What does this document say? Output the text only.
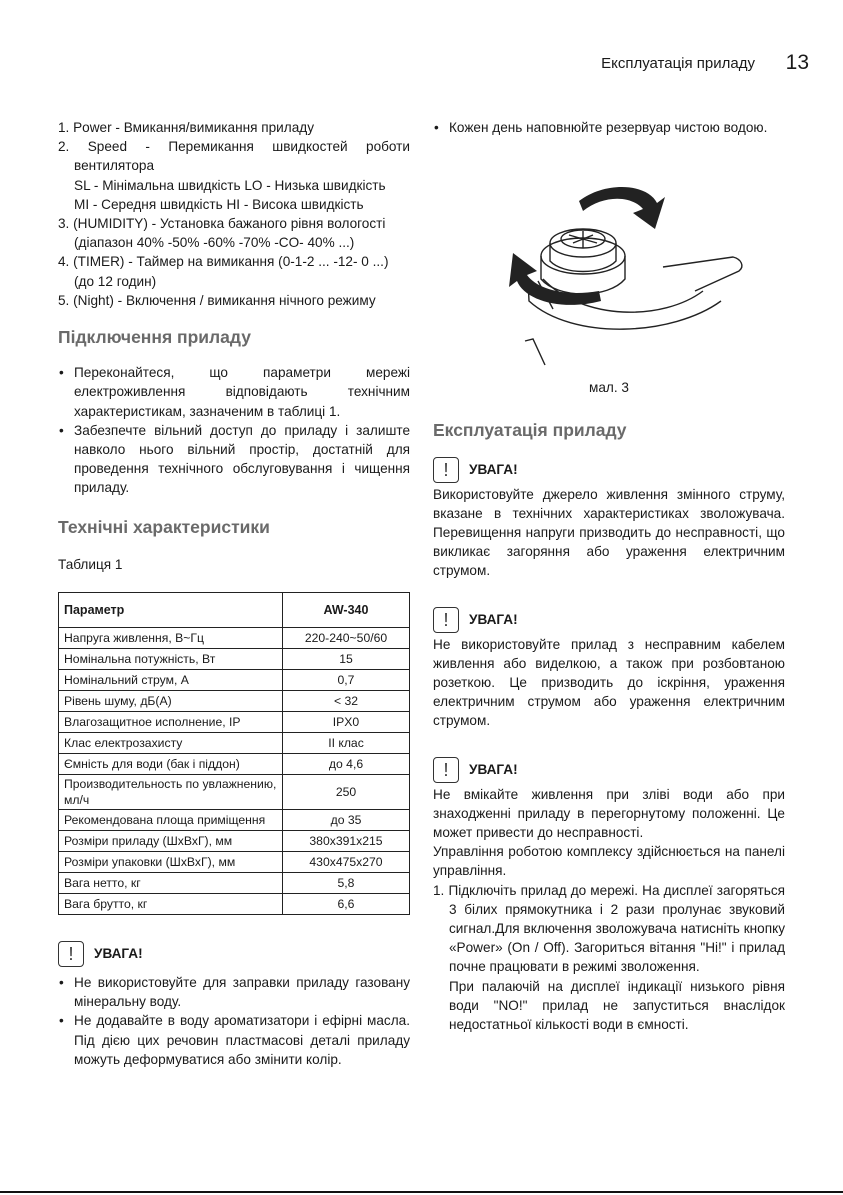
Експлуатація приладу 13
1. Power - Вмикання/вимикання приладу
2. Speed - Перемикання швидкостей роботи вентилятора
SL - Мінімальна швидкість LO - Низька швидкість
MI - Середня швидкість HI - Висока швидкість
3. (HUMIDITY) - Установка бажаного рівня вологості (діапазон 40% -50% -60% -70% -CO- 40% ...)
4. (TIMER) - Таймер на вимикання (0-1-2 ... -12- 0 ...) (до 12 годин)
5. (Night) - Включення / вимикання нічного режиму
Підключення приладу
• Переконайтеся, що параметри мережі електроживлення відповідають технічним характеристикам, зазначеним в таблиці 1.
• Забезпечте вільний доступ до приладу і залиште навколо нього вільний простір, достатній для проведення технічного обслуговування і чищення приладу.
Технічні характеристики
Таблиця 1
Параметр	AW-340
Напруга живлення, В~Гц	220-240~50/60
Номінальна потужність, Вт	15
Номінальний струм, А	0,7
Рівень шуму, дБ(А)	< 32
Влагозащитное исполнение, IP	IPX0
Клас електрозахисту	II клас
Ємність для води (бак і піддон)	до 4,6
Производительность по увлажнению, мл/ч	250
Рекомендована площа приміщення	до 35
Розміри приладу (ШхВхГ), мм	380x391x215
Розміри упаковки (ШхВхГ), мм	430x475x270
Вага нетто, кг	5,8
Вага брутто, кг	6,6
!
УВАГА!
• Не використовуйте для заправки приладу газовану мінеральну воду.
• Не додавайте в воду ароматизатори і ефірні масла. Під дією цих речовин пластмасові деталі приладу можуть деформуватися або змінити колір.
• Кожен день наповнюйте резервуар чистою водою.
мал. 3
Експлуатація приладу
!
УВАГА!
Використовуйте джерело живлення змінного струму, вказане в технічних характеристиках зволожувача. Перевищення напруги призводить до несправності, що викликає загоряння або ураження електричним струмом.
!
УВАГА!
Не використовуйте прилад з несправним кабелем живлення або виделкою, а також при розбовтаною розеткою. Це призводить до іскріння, ураження електричним струмом або ураження електричним струмом.
!
УВАГА!
Не вмікайте живлення при зліві води або при знаходженні приладу в перегорнутому положенні. Це может привести до несправності.
Управління роботою комплексу здійснюється на панелі управління.
1. Підключіть прилад до мережі. На дисплеї загоряться 3 білих прямокутника і 2 рази пролунає звуковий сигнал.Для включення зволожувача натисніть кнопку «Power» (On / Off). Загориться вітання "Hi!" і прилад почне працювати в режимі зволоження.
При палаючій на дисплеї індикації низького рівня води "NO!" прилад не запуститься внаслідок недостатньої кількості води в ємності.
